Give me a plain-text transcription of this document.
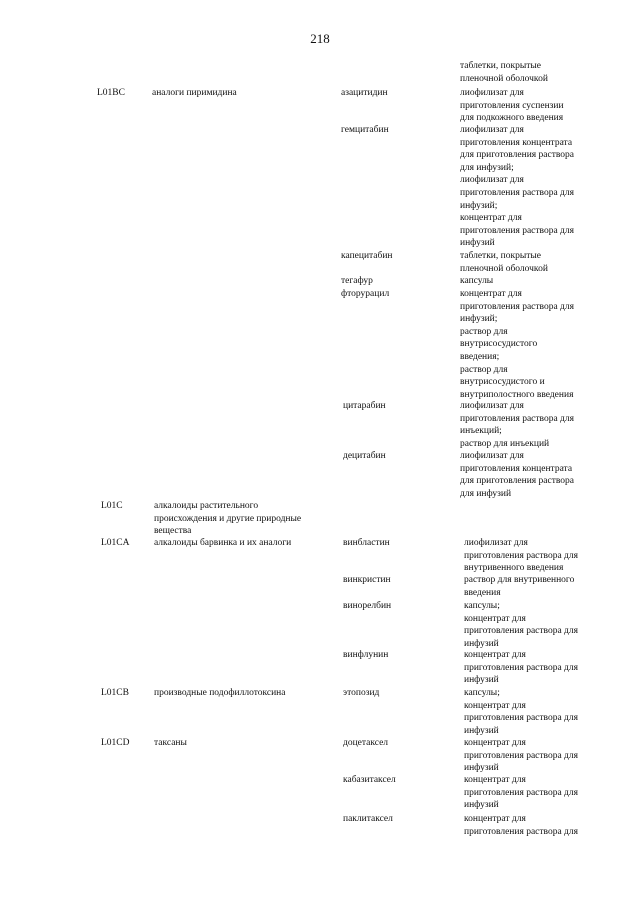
218
таблетки, покрытые
пленочной оболочкой
L01BC	аналоги пиримидина	азацитидин	лиофилизат для
приготовления суспензии
для подкожного введения
гемцитабин	лиофилизат для
приготовления концентрата
для приготовления раствора
для инфузий;
лиофилизат для
приготовления раствора для
инфузий;
концентрат для
приготовления раствора для
инфузий
капецитабин	таблетки, покрытые
пленочной оболочкой
тегафур	капсулы
фторурацил	концентрат для
приготовления раствора для
инфузий;
раствор для
внутрисосудистого
введения;
раствор для
внутрисосудистого и
внутриполостного введения
цитарабин	лиофилизат для
приготовления раствора для
инъекций;
раствор для инъекций
децитабин	лиофилизат для
приготовления концентрата
для приготовления раствора
для инфузий
L01C	алкалоиды растительного происхождения и другие природные вещества
L01CA	алкалоиды барвинка и их аналоги	винбластин	лиофилизат для
приготовления раствора для
внутривенного введения
винкристин	раствор для внутривенного
введения
винорелбин	капсулы;
концентрат для
приготовления раствора для
инфузий
винфлунин	концентрат для
приготовления раствора для
инфузий
L01CB	производные подофиллотоксина	этопозид	капсулы;
концентрат для
приготовления раствора для
инфузий
L01CD	таксаны	доцетаксел	концентрат для
приготовления раствора для
инфузий
кабазитаксел	концентрат для
приготовления раствора для
инфузий
паклитаксел	концентрат для
приготовления раствора для
